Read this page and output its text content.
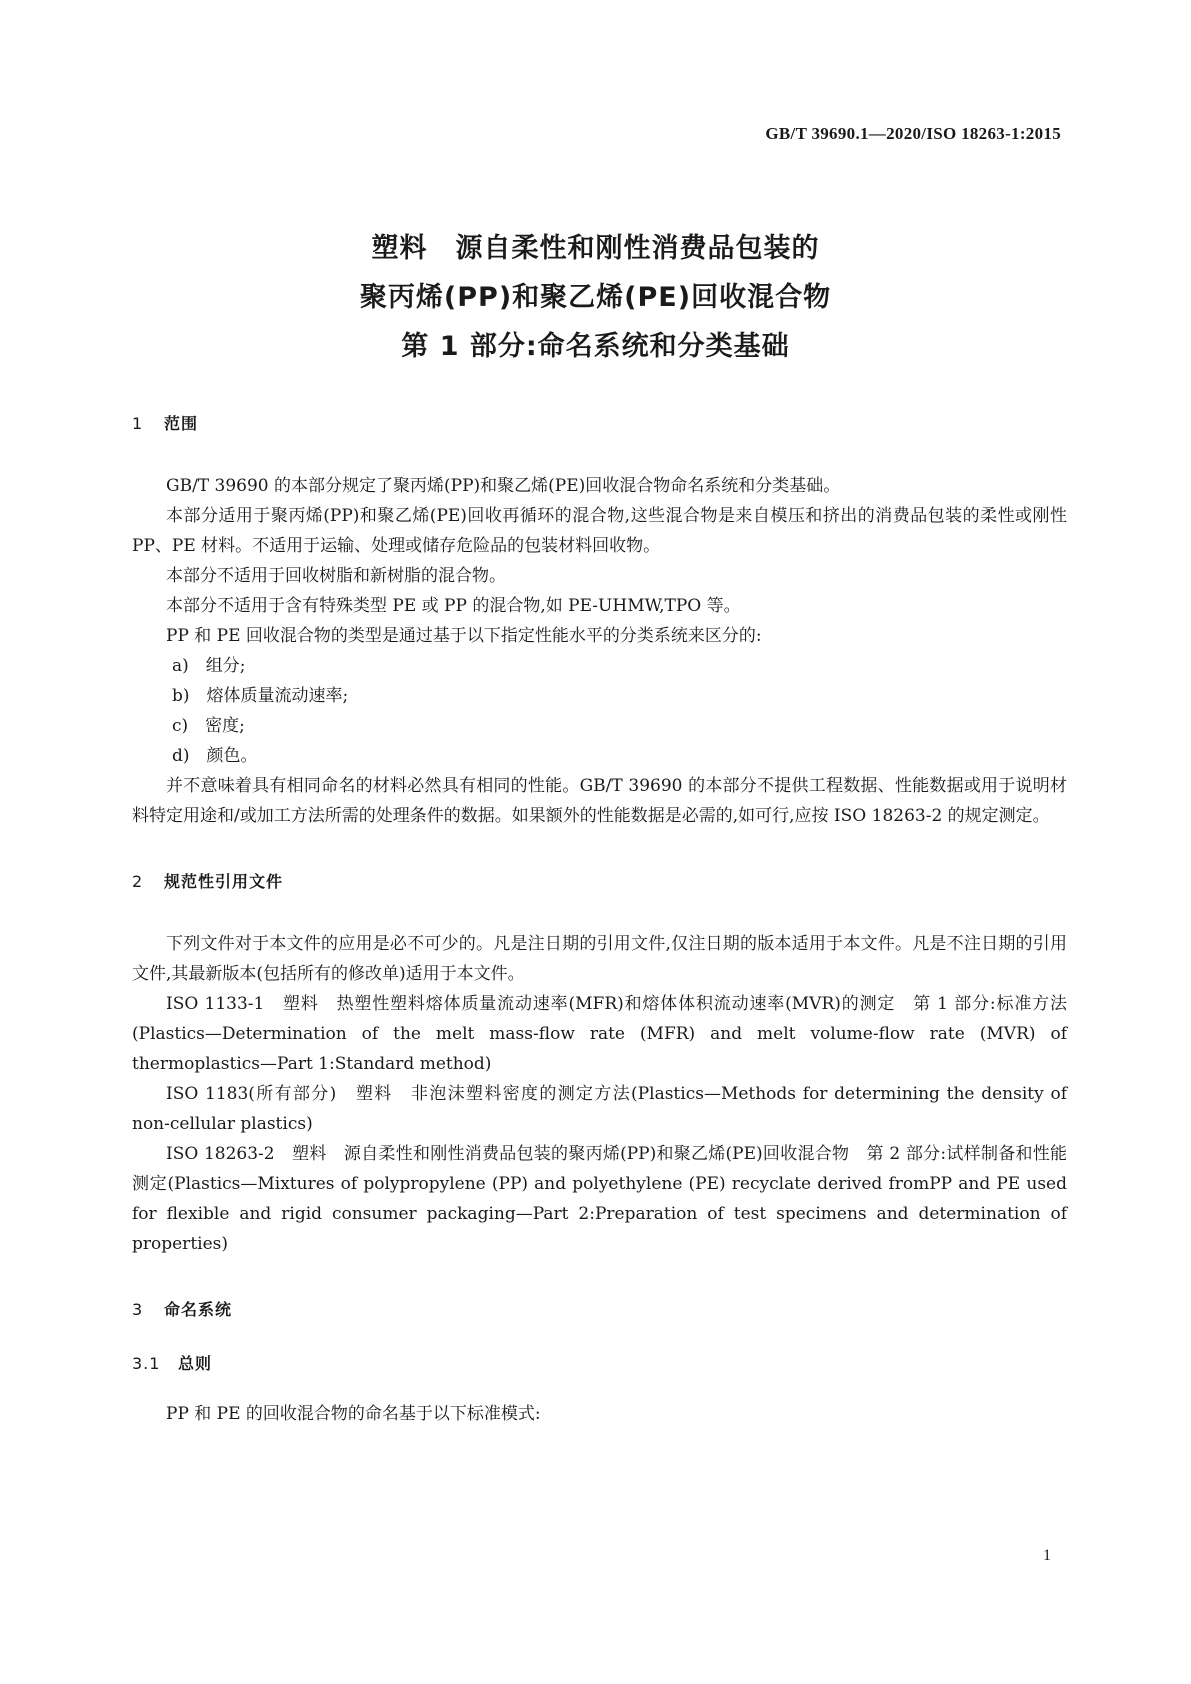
GB/T 39690.1—2020/ISO 18263-1:2015
塑料　源自柔性和刚性消费品包装的
聚丙烯(PP)和聚乙烯(PE)回收混合物
第 1 部分:命名系统和分类基础
1 范围

GB/T 39690 的本部分规定了聚丙烯(PP)和聚乙烯(PE)回收混合物命名系统和分类基础。

本部分适用于聚丙烯(PP)和聚乙烯(PE)回收再循环的混合物,这些混合物是来自模压和挤出的消费品包装的柔性或刚性 PP、PE 材料。不适用于运输、处理或储存危险品的包装材料回收物。

本部分不适用于回收树脂和新树脂的混合物。

本部分不适用于含有特殊类型 PE 或 PP 的混合物,如 PE-UHMW,TPO 等。

PP 和 PE 回收混合物的类型是通过基于以下指定性能水平的分类系统来区分的:

a)　组分;

b)　熔体质量流动速率;

c)　密度;

d)　颜色。

并不意味着具有相同命名的材料必然具有相同的性能。GB/T 39690 的本部分不提供工程数据、性能数据或用于说明材料特定用途和/或加工方法所需的处理条件的数据。如果额外的性能数据是必需的,如可行,应按 ISO 18263-2 的规定测定。

2 规范性引用文件

下列文件对于本文件的应用是必不可少的。凡是注日期的引用文件,仅注日期的版本适用于本文件。凡是不注日期的引用文件,其最新版本(包括所有的修改单)适用于本文件。

ISO 1133-1　塑料　热塑性塑料熔体质量流动速率(MFR)和熔体体积流动速率(MVR)的测定　第 1 部分:标准方法(Plastics—Determination of the melt mass-flow rate (MFR) and melt volume-flow rate (MVR) of thermoplastics—Part 1:Standard method)

ISO 1183(所有部分)　塑料　非泡沫塑料密度的测定方法(Plastics—Methods for determining the density of non-cellular plastics)

ISO 18263-2　塑料　源自柔性和刚性消费品包装的聚丙烯(PP)和聚乙烯(PE)回收混合物　第 2 部分:试样制备和性能测定(Plastics—Mixtures of polypropylene (PP) and polyethylene (PE) recyclate derived fromPP and PE used for flexible and rigid consumer packaging—Part 2:Preparation of test specimens and determination of properties)

3 命名系统
3.1 总则

PP 和 PE 的回收混合物的命名基于以下标准模式:

1
